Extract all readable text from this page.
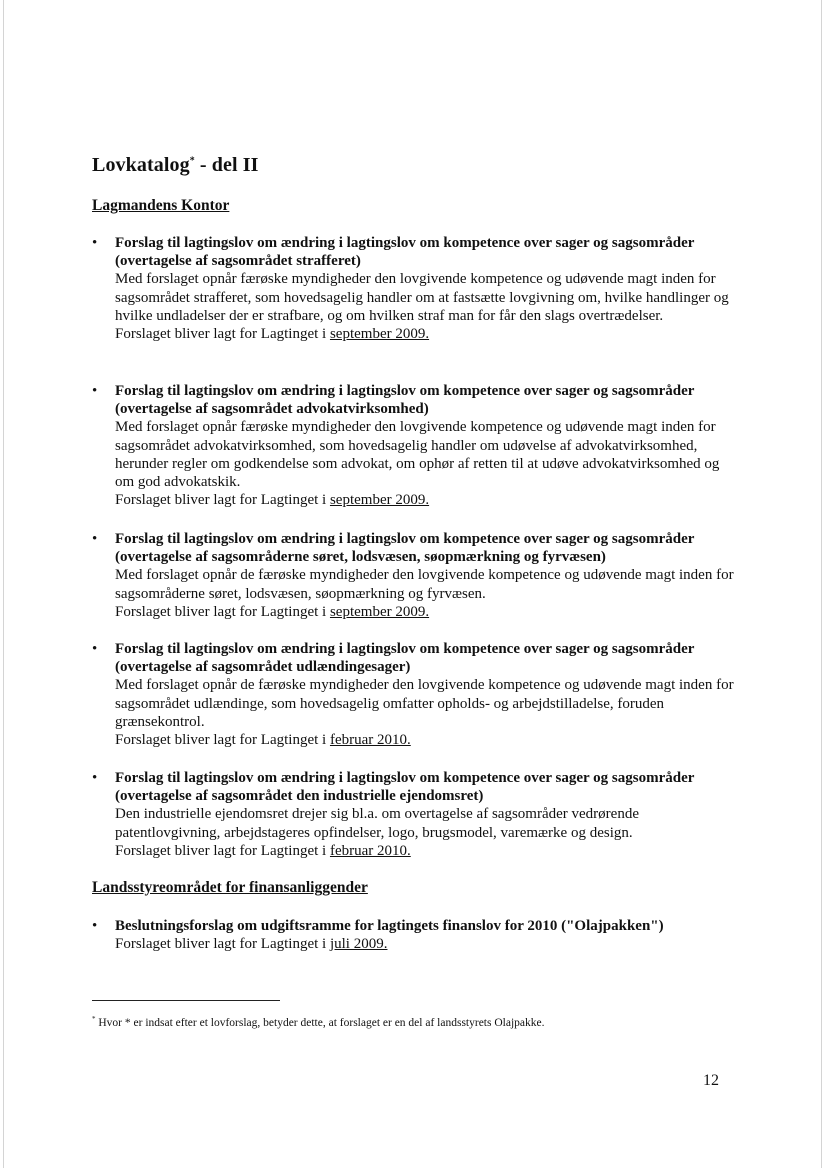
Lovkatalog* - del II
Lagmandens Kontor
• Forslag til lagtingslov om ændring i lagtingslov om kompetence over sager og sagsområder (overtagelse af sagsområdet strafferet)
Med forslaget opnår færøske myndigheder den lovgivende kompetence og udøvende magt inden for sagsområdet strafferet, som hovedsagelig handler om at fastsætte lovgivning om, hvilke handlinger og hvilke undladelser der er strafbare, og om hvilken straf man for får den slags overtrædelser.
Forslaget bliver lagt for Lagtinget i september 2009.
• Forslag til lagtingslov om ændring i lagtingslov om kompetence over sager og sagsområder (overtagelse af sagsområdet advokatvirksomhed)
Med forslaget opnår færøske myndigheder den lovgivende kompetence og udøvende magt inden for sagsområdet advokatvirksomhed, som hovedsagelig handler om udøvelse af advokatvirksomhed, herunder regler om godkendelse som advokat, om ophør af retten til at udøve advokatvirksomhed og om god advokatskik.
Forslaget bliver lagt for Lagtinget i september 2009.
• Forslag til lagtingslov om ændring i lagtingslov om kompetence over sager og sagsområder (overtagelse af sagsområderne søret, lodsvæsen, søopmærkning og fyrvæsen)
Med forslaget opnår de færøske myndigheder den lovgivende kompetence og udøvende magt inden for sagsområderne søret, lodsvæsen, søopmærkning og fyrvæsen.
Forslaget bliver lagt for Lagtinget i september 2009.
• Forslag til lagtingslov om ændring i lagtingslov om kompetence over sager og sagsområder (overtagelse af sagsområdet udlændingesager)
Med forslaget opnår de færøske myndigheder den lovgivende kompetence og udøvende magt inden for sagsområdet udlændinge, som hovedsagelig omfatter opholds- og arbejdstilladelse, foruden grænsekontrol.
Forslaget bliver lagt for Lagtinget i februar 2010.
• Forslag til lagtingslov om ændring i lagtingslov om kompetence over sager og sagsområder (overtagelse af sagsområdet den industrielle ejendomsret)
Den industrielle ejendomsret drejer sig bl.a. om overtagelse af sagsområder vedrørende patentlovgivning, arbejdstageres opfindelser, logo, brugsmodel, varemærke og design.
Forslaget bliver lagt for Lagtinget i februar 2010.
Landsstyreområdet for finansanliggender
• Beslutningsforslag om udgiftsramme for lagtingets finanslov for 2010 ("Olajpakken")
Forslaget bliver lagt for Lagtinget i juli 2009.
* Hvor * er indsat efter et lovforslag, betyder dette, at forslaget er en del af landsstyrets Olajpakke.
12
